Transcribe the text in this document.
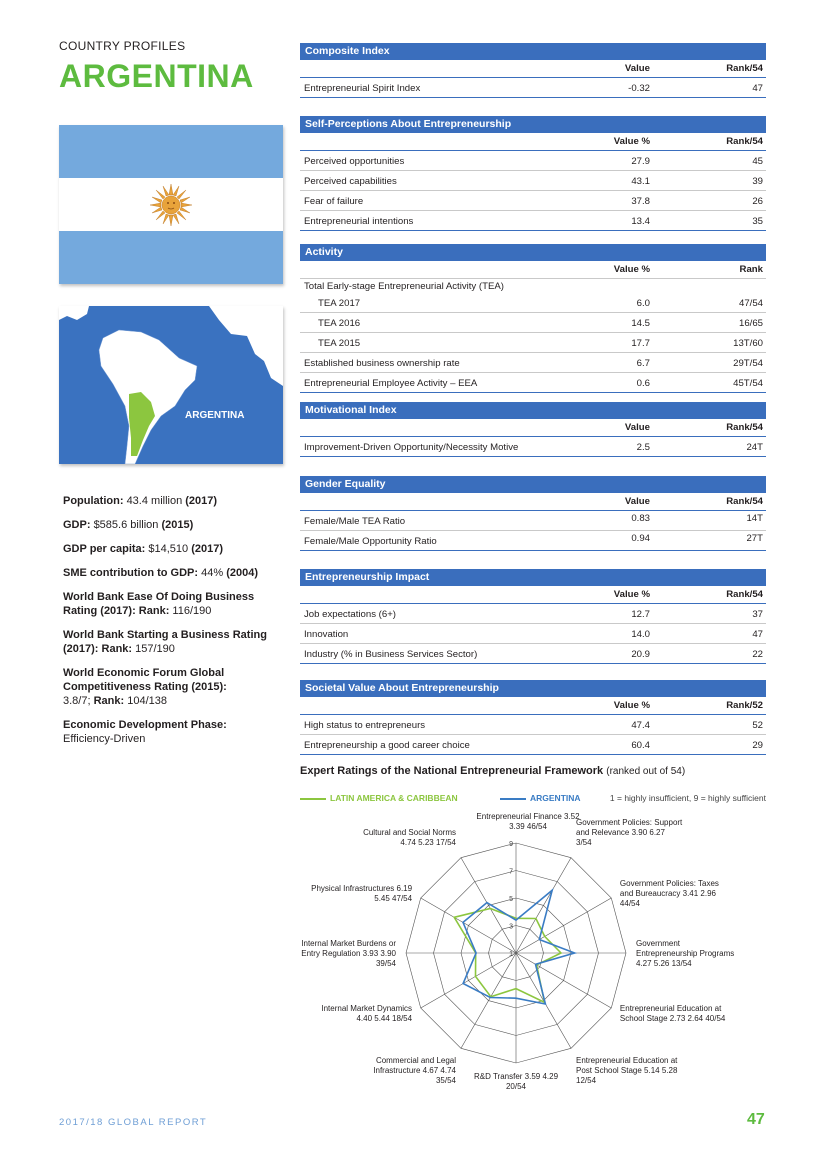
COUNTRY PROFILES
ARGENTINA
ARGENTINA
Population: 43.4 million (2017)
GDP: $585.6 billion (2015)
GDP per capita: $14,510 (2017)
SME contribution to GDP: 44% (2004)
World Bank Ease Of Doing Business Rating (2017): Rank: 116/190
World Bank Starting a Business Rating (2017): Rank: 157/190
World Economic Forum Global Competitiveness Rating (2015):
3.8/7; Rank: 104/138
Economic Development Phase:
Efficiency-Driven
Composite Index
Value	Rank/54
Entrepreneurial Spirit Index	-0.32	47
Self-Perceptions About Entrepreneurship
Value %	Rank/54
Perceived opportunities	27.9	45
Perceived capabilities	43.1	39
Fear of failure	37.8	26
Entrepreneurial intentions	13.4	35
Activity
Value %	Rank
Total Early-stage Entrepreneurial Activity (TEA)
TEA 2017	6.0	47/54
TEA 2016	14.5	16/65
TEA 2015	17.7	13T/60
Established business ownership rate	6.7	29T/54
Entrepreneurial Employee Activity – EEA	0.6	45T/54
Motivational Index
Value	Rank/54
Improvement-Driven Opportunity/Necessity Motive	2.5	24T
Gender Equality
Value	Rank/54
Female/Male TEA Ratio	0.83	14T
Female/Male Opportunity Ratio	0.94	27T
Entrepreneurship Impact
Value %	Rank/54
Job expectations (6+)	12.7	37
Innovation	14.0	47
Industry (% in Business Services Sector)	20.9	22
Societal Value About Entrepreneurship
Value %	Rank/52
High status to entrepreneurs	47.4	52
Entrepreneurship a good career choice	60.4	29
Expert Ratings of the National Entrepreneurial Framework (ranked out of 54)
LATIN AMERICA & CARIBBEAN	ARGENTINA	1 = highly insufficient, 9 = highly sufficient
1
3
5
7
9
Entrepreneurial Finance 3.52 3.39 46/54	Government Policies: Support and Relevance 3.90 6.27 3/54
Government Policies: Taxes and Bureaucracy 3.41 2.96 44/54
Government Entrepreneurship Programs 4.27 5.26 13/54
Entrepreneurial Education at School Stage 2.73 2.64 40/54
Entrepreneurial Education at Post School Stage 5.14 5.28 12/54
R&D Transfer 3.59 4.29 20/54
Commercial and Legal Infrastructure 4.67 4.74 35/54
Internal Market Dynamics 4.40 5.44 18/54
Internal Market Burdens or Entry Regulation 3.93 3.90 39/54
Physical Infrastructures 6.19 5.45 47/54
Cultural and Social Norms 4.74 5.23 17/54
2017/18 GLOBAL REPORT	47
